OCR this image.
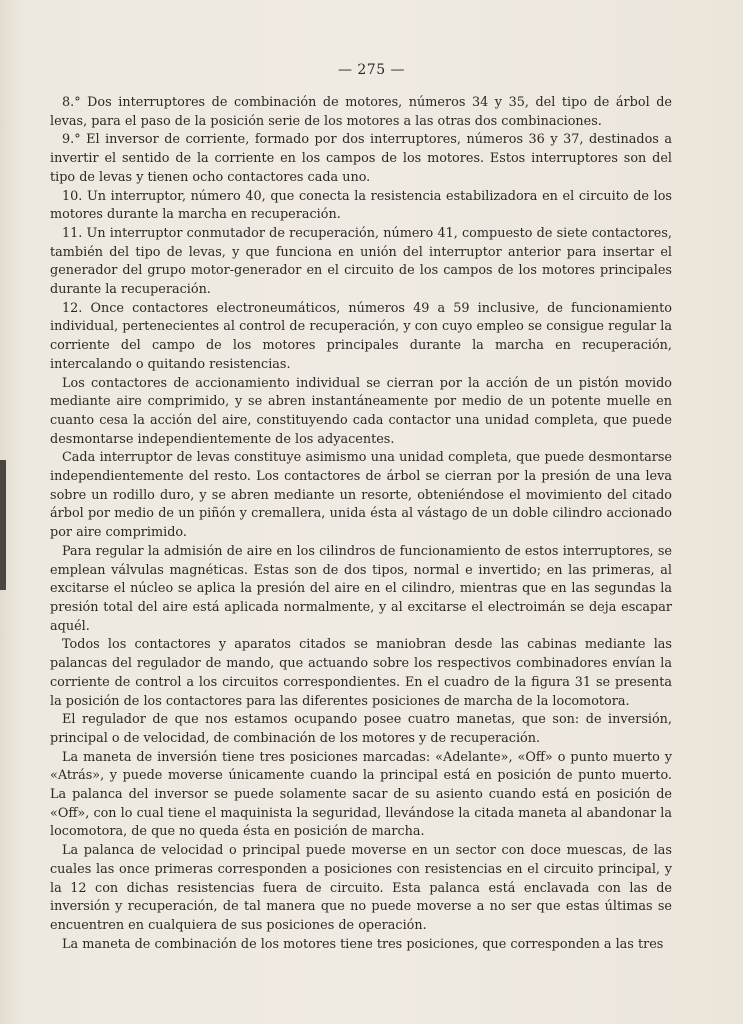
— 275 —

8.° Dos interruptores de combinación de motores, números 34 y 35, del tipo de árbol de levas, para el paso de la posición serie de los motores a las otras dos combinaciones.

9.° El inversor de corriente, formado por dos interruptores, números 36 y 37, destinados a invertir el sentido de la corriente en los campos de los motores. Estos interruptores son del tipo de levas y tienen ocho contactores cada uno.

10. Un interruptor, número 40, que conecta la resistencia estabilizadora en el circuito de los motores durante la marcha en recuperación.

11. Un interruptor conmutador de recuperación, número 41, compuesto de siete contactores, también del tipo de levas, y que funciona en unión del interruptor anterior para insertar el generador del grupo motor-generador en el circuito de los campos de los motores principales durante la recuperación.

12. Once contactores electroneumáticos, números 49 a 59 inclusive, de funcionamiento individual, pertenecientes al control de recuperación, y con cuyo empleo se consigue regular la corriente del campo de los motores principales durante la marcha en recuperación, intercalando o quitando resistencias.

Los contactores de accionamiento individual se cierran por la acción de un pistón movido mediante aire comprimido, y se abren instantáneamente por medio de un potente muelle en cuanto cesa la acción del aire, constituyendo cada contactor una unidad completa, que puede desmontarse independientemente de los adyacentes.

Cada interruptor de levas constituye asimismo una unidad completa, que puede desmontarse independientemente del resto. Los contactores de árbol se cierran por la presión de una leva sobre un rodillo duro, y se abren mediante un resorte, obteniéndose el movimiento del citado árbol por medio de un piñón y cremallera, unida ésta al vástago de un doble cilindro accionado por aire comprimido.

Para regular la admisión de aire en los cilindros de funcionamiento de estos interruptores, se emplean válvulas magnéticas. Estas son de dos tipos, normal e invertido; en las primeras, al excitarse el núcleo se aplica la presión del aire en el cilindro, mientras que en las segundas la presión total del aire está aplicada normalmente, y al excitarse el electroimán se deja escapar aquél.

Todos los contactores y aparatos citados se maniobran desde las cabinas mediante las palancas del regulador de mando, que actuando sobre los respectivos combinadores envían la corriente de control a los circuitos correspondientes. En el cuadro de la figura 31 se presenta la posición de los contactores para las diferentes posiciones de marcha de la locomotora.

El regulador de que nos estamos ocupando posee cuatro manetas, que son: de inversión, principal o de velocidad, de combinación de los motores y de recuperación.

La maneta de inversión tiene tres posiciones marcadas: «Adelante», «Off» o punto muerto y «Atrás», y puede moverse únicamente cuando la principal está en posición de punto muerto. La palanca del inversor se puede solamente sacar de su asiento cuando está en posición de «Off», con lo cual tiene el maquinista la seguridad, llevándose la citada maneta al abandonar la locomotora, de que no queda ésta en posición de marcha.

La palanca de velocidad o principal puede moverse en un sector con doce muescas, de las cuales las once primeras corresponden a posiciones con resistencias en el circuito principal, y la 12 con dichas resistencias fuera de circuito. Esta palanca está enclavada con las de inversión y recuperación, de tal manera que no puede moverse a no ser que estas últimas se encuentren en cualquiera de sus posiciones de operación.

La maneta de combinación de los motores tiene tres posiciones, que corresponden a las tres
